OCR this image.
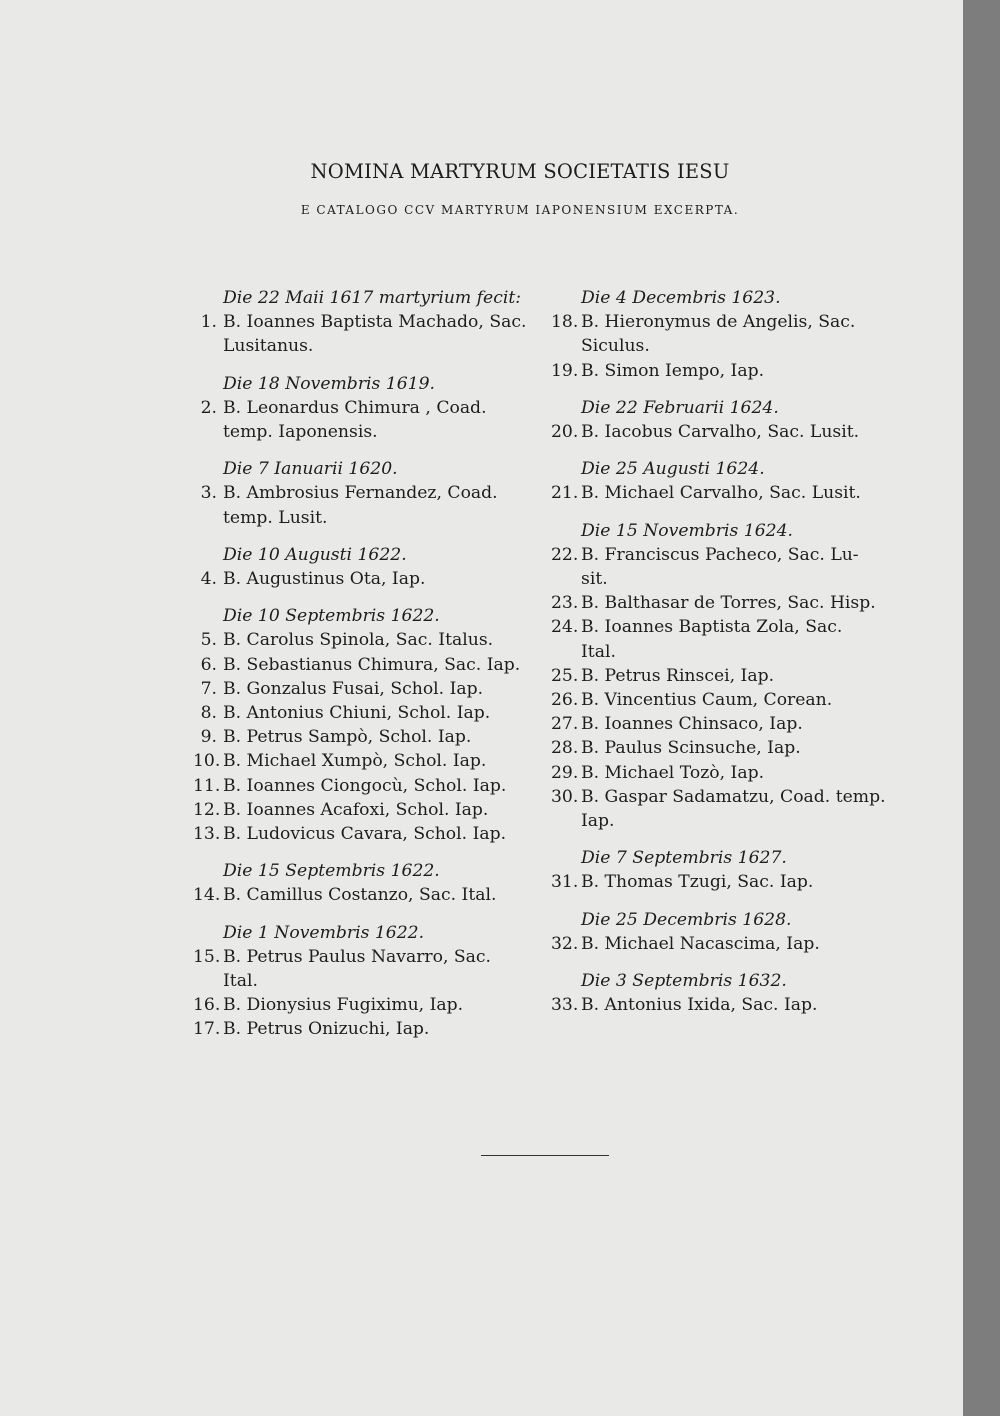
NOMINA MARTYRUM SOCIETATIS IESU
E CATALOGO CCV MARTYRUM IAPONENSIUM EXCERPTA.
Die 22 Maii 1617 martyrium fecit:
1. B. Ioannes Baptista Machado, Sac.
Lusitanus.
Die 18 Novembris 1619.
2. B. Leonardus Chimura , Coad.
temp. Iaponensis.
Die 7 Ianuarii 1620.
3. B. Ambrosius Fernandez, Coad.
temp. Lusit.
Die 10 Augusti 1622.
4. B. Augustinus Ota, Iap.
Die 10 Septembris 1622.
5. B. Carolus Spinola, Sac. Italus.
6. B. Sebastianus Chimura, Sac. Iap.
7. B. Gonzalus Fusai, Schol. Iap.
8. B. Antonius Chiuni, Schol. Iap.
9. B. Petrus Sampò, Schol. Iap.
10. B. Michael Xumpò, Schol. Iap.
11. B. Ioannes Ciongocù, Schol. Iap.
12. B. Ioannes Acafoxi, Schol. Iap.
13. B. Ludovicus Cavara, Schol. Iap.
Die 15 Septembris 1622.
14. B. Camillus Costanzo, Sac. Ital.
Die 1 Novembris 1622.
15. B. Petrus Paulus Navarro, Sac.
Ital.
16. B. Dionysius Fugiximu, Iap.
17. B. Petrus Onizuchi, Iap.
Die 4 Decembris 1623.
18. B. Hieronymus de Angelis, Sac.
Siculus.
19. B. Simon Iempo, Iap.
Die 22 Februarii 1624.
20. B. Iacobus Carvalho, Sac. Lusit.
Die 25 Augusti 1624.
21. B. Michael Carvalho, Sac. Lusit.
Die 15 Novembris 1624.
22. B. Franciscus Pacheco, Sac. Lu-
sit.
23. B. Balthasar de Torres, Sac. Hisp.
24. B. Ioannes Baptista Zola, Sac.
Ital.
25. B. Petrus Rinscei, Iap.
26. B. Vincentius Caum, Corean.
27. B. Ioannes Chinsaco, Iap.
28. B. Paulus Scinsuche, Iap.
29. B. Michael Tozò, Iap.
30. B. Gaspar Sadamatzu, Coad. temp.
Iap.
Die 7 Septembris 1627.
31. B. Thomas Tzugi, Sac. Iap.
Die 25 Decembris 1628.
32. B. Michael Nacascima, Iap.
Die 3 Septembris 1632.
33. B. Antonius Ixida, Sac. Iap.
